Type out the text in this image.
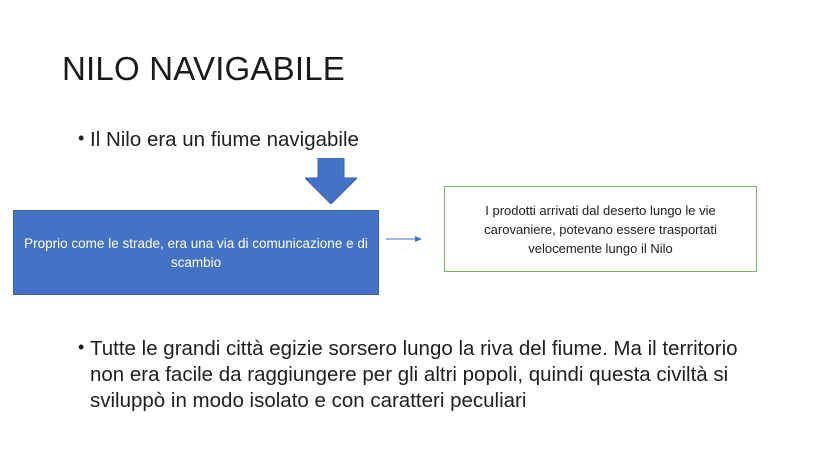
NILO NAVIGABILE
• Il Nilo era un fiume navigabile
Proprio come le strade, era una via di comunicazione e di scambio
I prodotti arrivati dal deserto lungo le vie carovaniere, potevano essere trasportati velocemente lungo il Nilo
• Tutte le grandi città egizie sorsero lungo la riva del fiume. Ma il territorio non era facile da raggiungere per gli altri popoli, quindi questa civiltà si sviluppò in modo isolato e con caratteri peculiari
